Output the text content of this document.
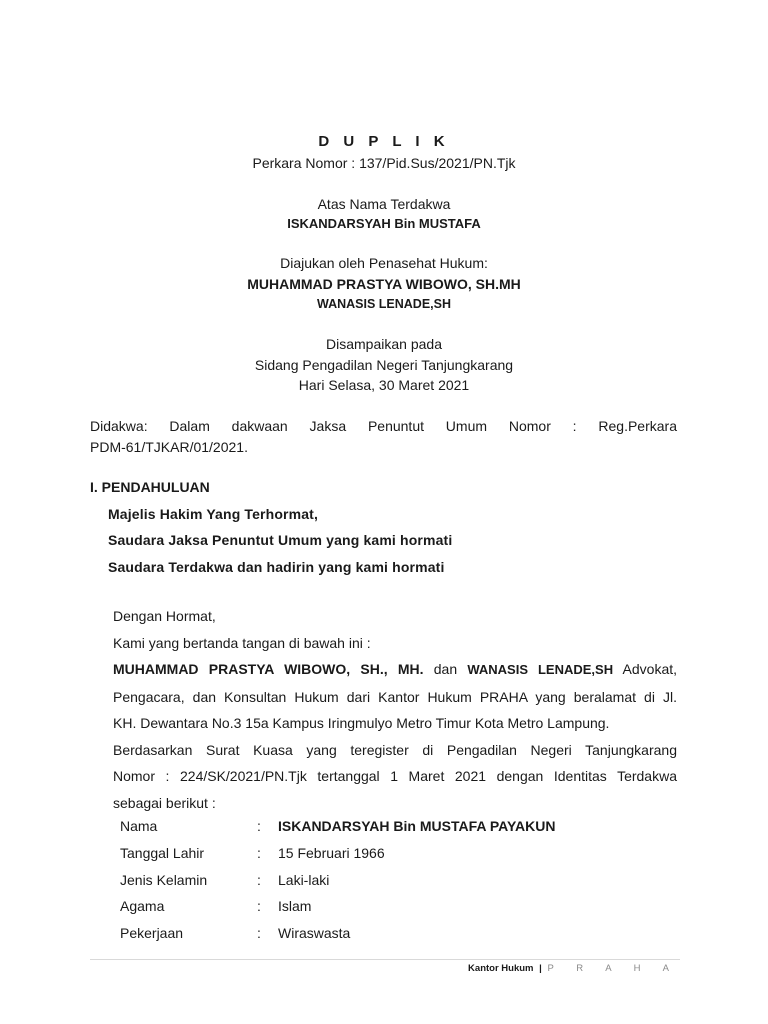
D U P L I K
Perkara Nomor : 137/Pid.Sus/2021/PN.Tjk
Atas Nama Terdakwa
ISKANDARSYAH Bin MUSTAFA
Diajukan oleh Penasehat Hukum:
MUHAMMAD PRASTYA WIBOWO, SH.MH
WANASIS LENADE,SH
Disampaikan pada
Sidang Pengadilan Negeri Tanjungkarang
Hari Selasa, 30 Maret 2021
Didakwa: Dalam dakwaan Jaksa Penuntut Umum Nomor : Reg.Perkara
PDM-61/TJKAR/01/2021.
I. PENDAHULUAN
Majelis Hakim Yang Terhormat,
Saudara Jaksa Penuntut Umum yang kami hormati
Saudara Terdakwa dan hadirin yang kami hormati

Dengan Hormat,

Kami yang bertanda tangan di bawah ini :

MUHAMMAD PRASTYA WIBOWO, SH., MH. dan WANASIS LENADE,SH Advokat,
Pengacara, dan Konsultan Hukum dari Kantor Hukum PRAHA yang beralamat di Jl.
KH. Dewantara No.3 15a Kampus Iringmulyo Metro Timur Kota Metro Lampung.
Berdasarkan Surat Kuasa yang teregister di Pengadilan Negeri Tanjungkarang
Nomor : 224/SK/2021/PN.Tjk tertanggal 1 Maret 2021 dengan Identitas Terdakwa
sebagai berikut :
Nama	:	ISKANDARSYAH Bin MUSTAFA PAYAKUN
Tanggal Lahir	:	15 Februari 1966
Jenis Kelamin	:	Laki-laki
Agama	:	Islam
Pekerjaan	:	Wiraswasta
Kantor Hukum | P R A H A
